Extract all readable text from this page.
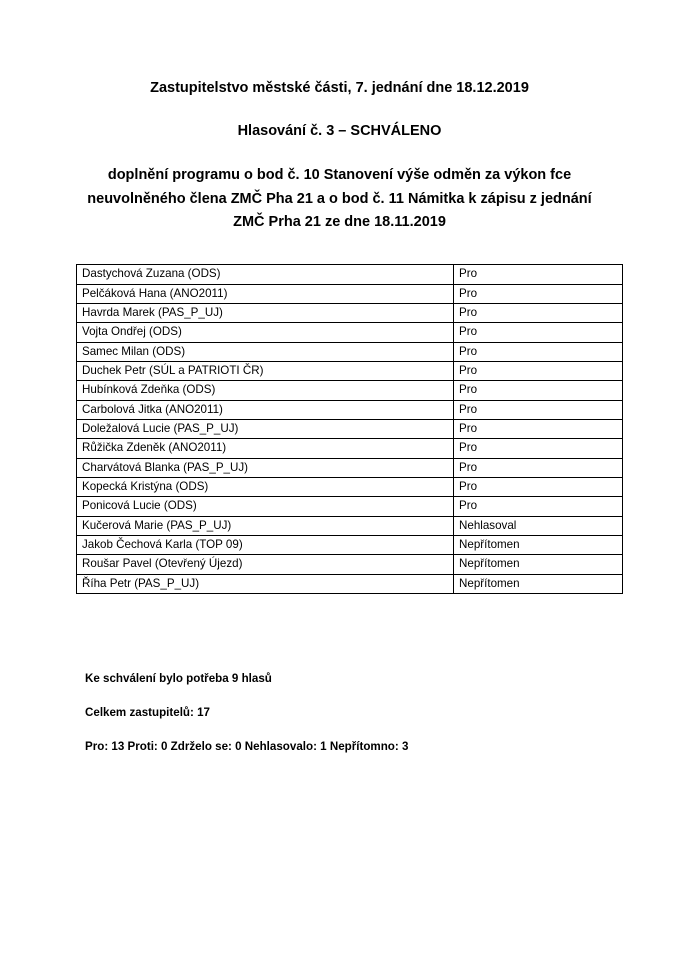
Zastupitelstvo městské části, 7. jednání dne 18.12.2019
Hlasování č. 3 – SCHVÁLENO

doplnění programu o bod č. 10 Stanovení výše odměn za výkon fce neuvolněného člena ZMČ Pha 21 a o bod č. 11 Námitka k zápisu z jednání ZMČ Prha 21 ze dne 18.11.2019

Dastychová Zuzana (ODS)	Pro
Pelčáková Hana (ANO2011)	Pro
Havrda Marek (PAS_P_UJ)	Pro
Vojta Ondřej (ODS)	Pro
Samec Milan (ODS)	Pro
Duchek Petr (SÚL a PATRIOTI ČR)	Pro
Hubínková Zdeňka (ODS)	Pro
Carbolová Jitka (ANO2011)	Pro
Doležalová Lucie (PAS_P_UJ)	Pro
Růžička Zdeněk (ANO2011)	Pro
Charvátová Blanka (PAS_P_UJ)	Pro
Kopecká Kristýna (ODS)	Pro
Ponicová Lucie (ODS)	Pro
Kučerová Marie (PAS_P_UJ)	Nehlasoval
Jakob Čechová Karla (TOP 09)	Nepřítomen
Roušar Pavel (Otevřený Újezd)	Nepřítomen
Říha Petr (PAS_P_UJ)	Nepřítomen

Ke schválení bylo potřeba 9 hlasů

Celkem zastupitelů: 17

Pro: 13 Proti: 0 Zdrželo se: 0 Nehlasovalo: 1 Nepřítomno: 3
